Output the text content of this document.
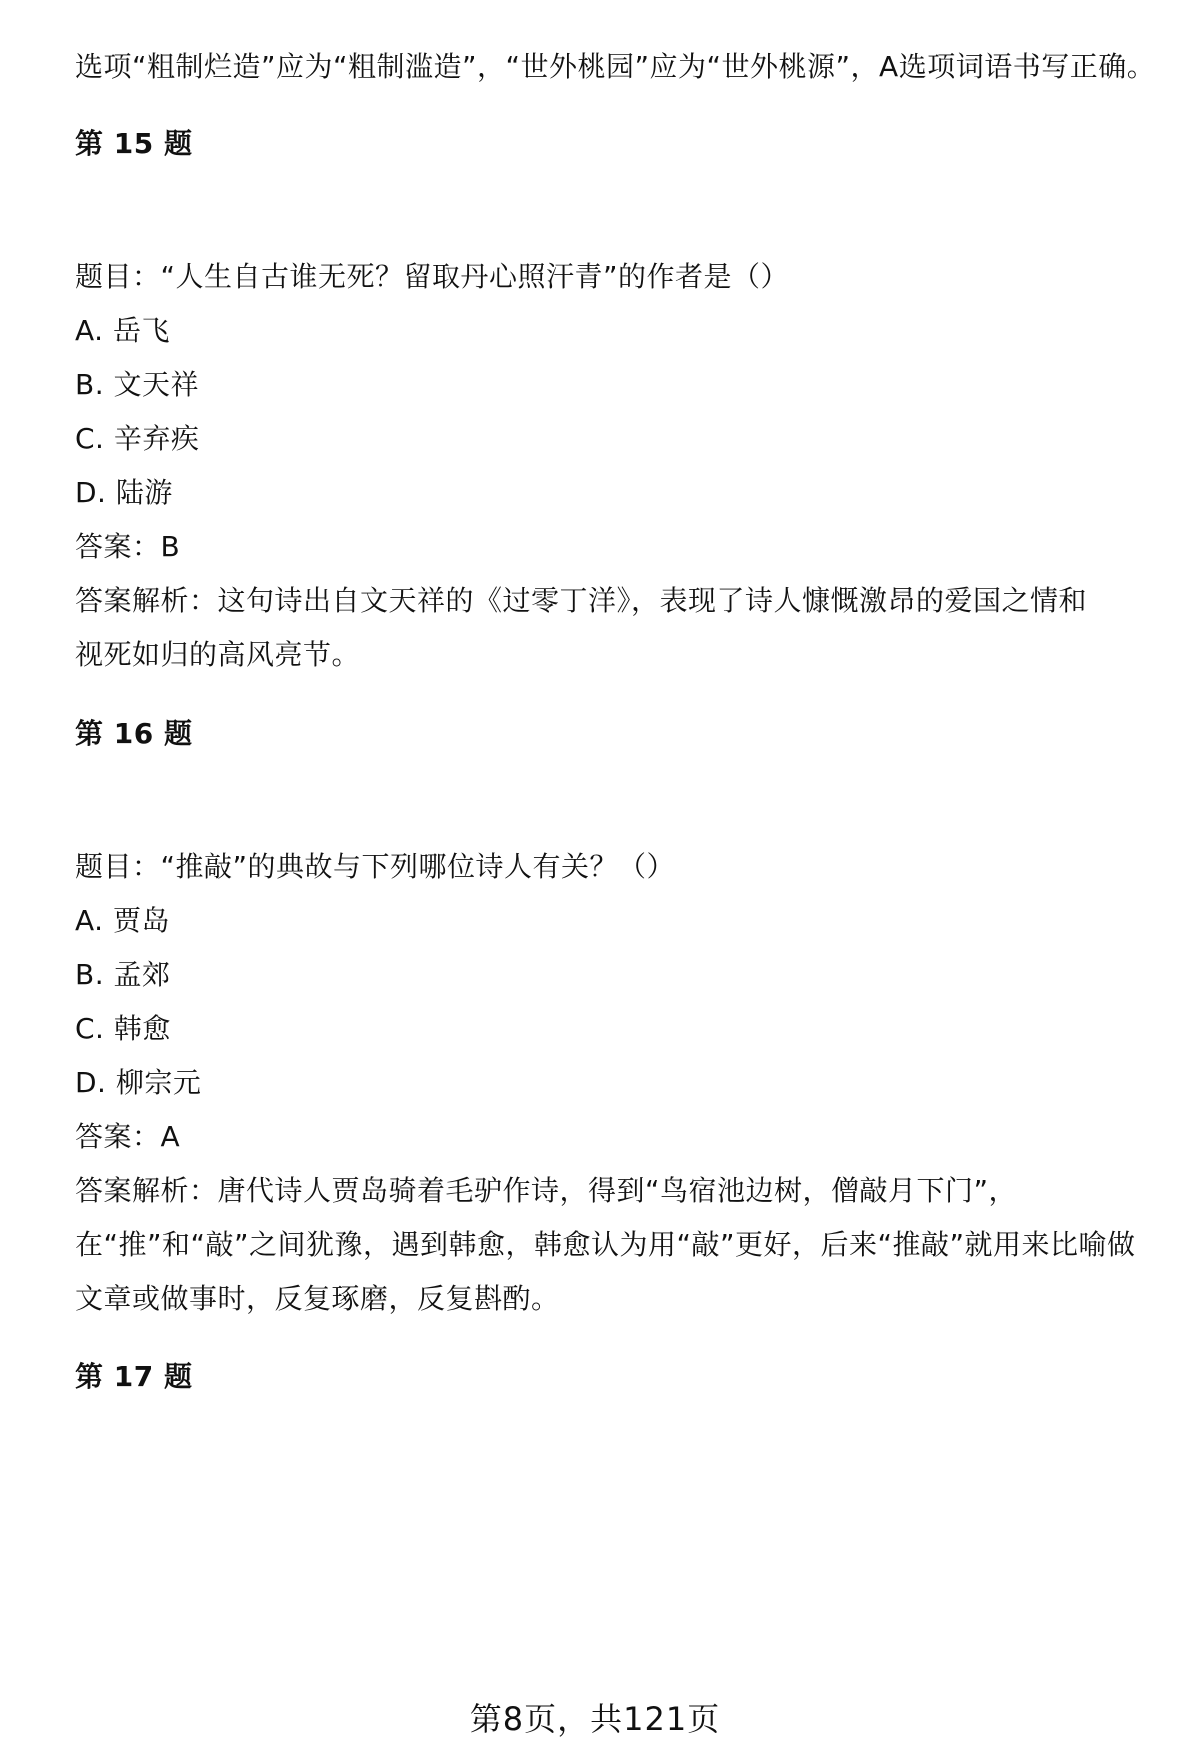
选项“粗制烂造”应为“粗制滥造”，“世外桃园”应为“世外桃源”，A选项词语书写正确。
第 15 题
题目：“人生自古谁无死？留取丹心照汗青”的作者是（）
A. 岳飞
B. 文天祥
C. 辛弃疾
D. 陆游
答案：B
答案解析：这句诗出自文天祥的《过零丁洋》，表现了诗人慷慨激昂的爱国之情和
视死如归的高风亮节。
第 16 题
题目：“推敲”的典故与下列哪位诗人有关？（）
A. 贾岛
B. 孟郊
C. 韩愈
D. 柳宗元
答案：A
答案解析：唐代诗人贾岛骑着毛驴作诗，得到“鸟宿池边树，僧敲月下门”，
在“推”和“敲”之间犹豫，遇到韩愈，韩愈认为用“敲”更好，后来“推敲”就用来比喻做
文章或做事时，反复琢磨，反复斟酌。
第 17 题
第8页，共121页
